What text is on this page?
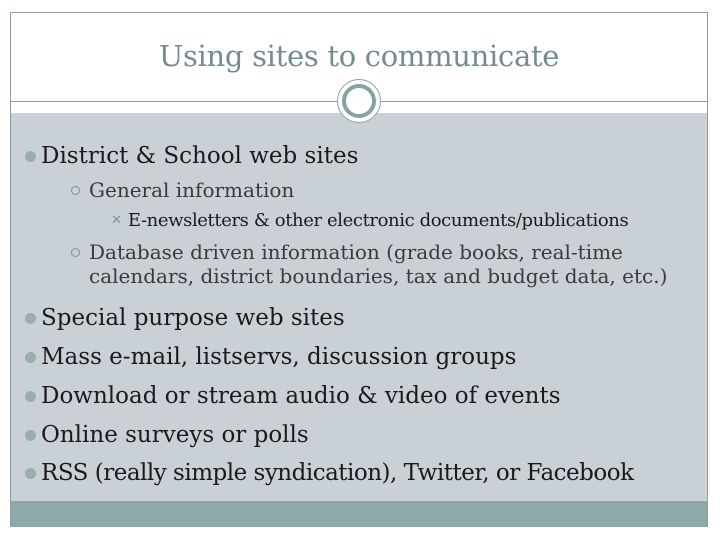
Using sites to communicate
District & School web sites
General information
✕ E-newsletters & other electronic documents/publications
Database driven information (grade books, real-time
calendars, district boundaries, tax and budget data, etc.)
Special purpose web sites
Mass e-mail, listservs, discussion groups
Download or stream audio & video of events
Online surveys or polls
RSS (really simple syndication), Twitter, or Facebook
